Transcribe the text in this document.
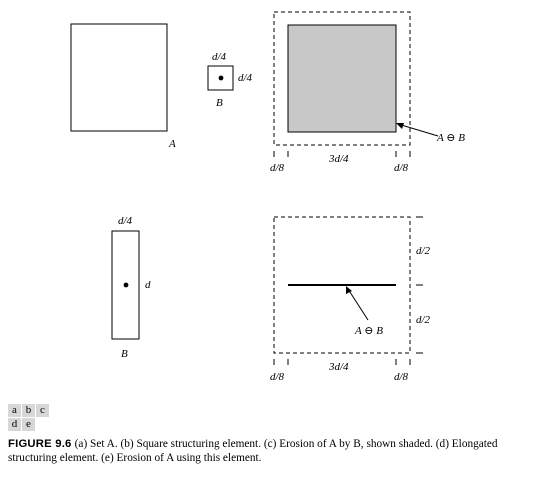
A
d/4
d/4
B
A ⊖ B
d/8
3d/4
d/8
d/4
d
B
d/2
d/2
A ⊖ B
d/8
3d/4
d/8
a b c
d e
FIGURE 9.6 (a) Set A. (b) Square structuring element. (c) Erosion of A by B, shown shaded. (d) Elongated structuring element. (e) Erosion of A using this element.
